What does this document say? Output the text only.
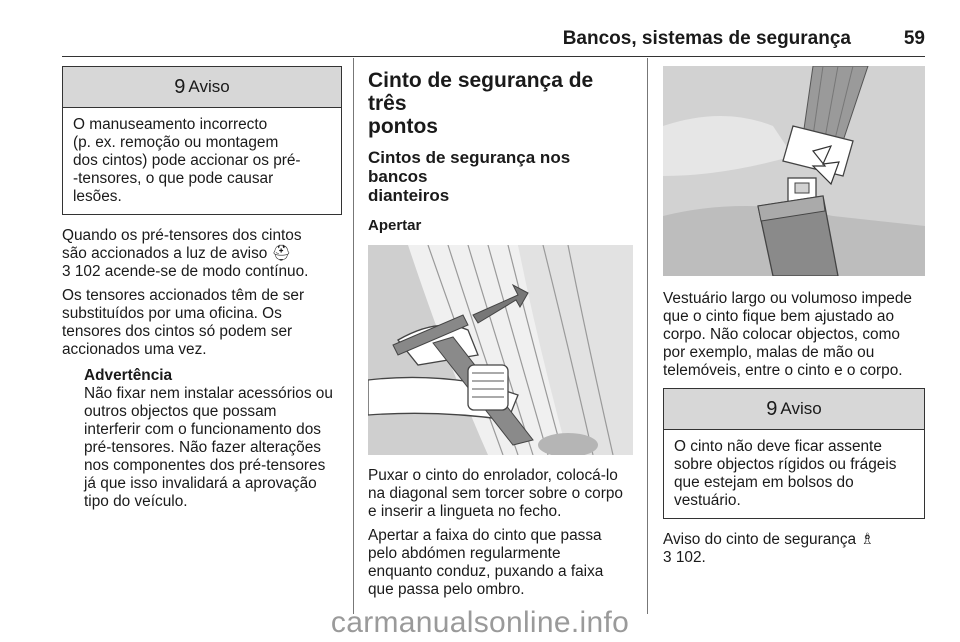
Bancos, sistemas de segurança	59
9 Aviso
O manuseamento incorrecto
(p. ex. remoção ou montagem
dos cintos) pode accionar os pré-
-tensores, o que pode causar
lesões.
Quando os pré-tensores dos cintos
são accionados a luz de aviso ⛑
3 102 acende-se de modo contínuo.
Os tensores accionados têm de ser
substituídos por uma oficina. Os
tensores dos cintos só podem ser
accionados uma vez.
Advertência
Não fixar nem instalar acessórios ou
outros objectos que possam
interferir com o funcionamento dos
pré-tensores. Não fazer alterações
nos componentes dos pré-tensores
já que isso invalidará a aprovação
tipo do veículo.
Cinto de segurança de três
pontos
Cintos de segurança nos bancos
dianteiros
Apertar
Puxar o cinto do enrolador, colocá-lo
na diagonal sem torcer sobre o corpo
e inserir a lingueta no fecho.
Apertar a faixa do cinto que passa
pelo abdómen regularmente
enquanto conduz, puxando a faixa
que passa pelo ombro.
Vestuário largo ou volumoso impede
que o cinto fique bem ajustado ao
corpo. Não colocar objectos, como
por exemplo, malas de mão ou
telemóveis, entre o cinto e o corpo.
9 Aviso
O cinto não deve ficar assente
sobre objectos rígidos ou frágeis
que estejam em bolsos do
vestuário.
Aviso do cinto de segurança ♗
3 102.
carmanualsonline.info
